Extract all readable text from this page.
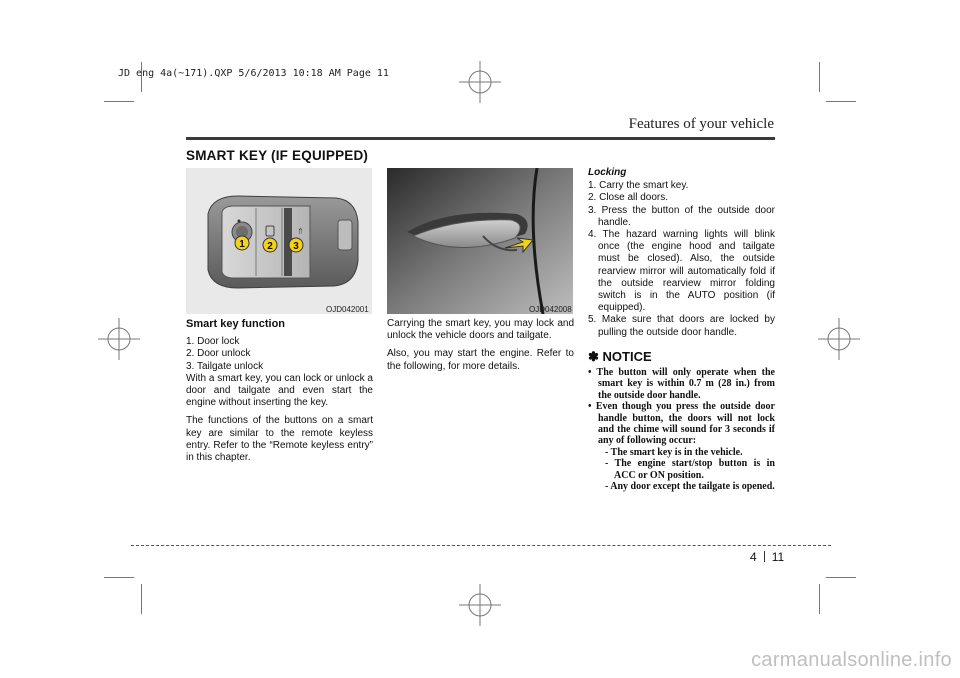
JD eng 4a(~171).QXP 5/6/2013 10:18 AM Page 11
Features of your vehicle
SMART KEY (IF EQUIPPED)
⇑
1 2 3
OJD042001	OJD042008
Smart key function
1. Door lock
2. Door unlock
3. Tailgate unlock

With a smart key, you can lock or unlock a door and tailgate and even start the engine without inserting the key.

The functions of the buttons on a smart key are similar to the remote keyless entry. Refer to the “Remote keyless entry” in this chapter.

Carrying the smart key, you may lock and unlock the vehicle doors and tailgate.

Also, you may start the engine. Refer to the following, for more details.

Locking

1. Carry the smart key.

2. Close all doors.

3. Press the button of the outside door handle.

4. The hazard warning lights will blink once (the engine hood and tailgate must be closed). Also, the outside rearview mirror will automatically fold if the outside rearview mirror folding switch is in the AUTO position (if equipped).

5. Make sure that doors are locked by pulling the outside door handle.

✽ NOTICE

• The button will only operate when the smart key is within 0.7 m (28 in.) from the outside door handle.

• Even though you press the outside door handle button, the doors will not lock and the chime will sound for 3 seconds if any of following occur:

- The smart key is in the vehicle.

- The engine start/stop button is in ACC or ON position.

- Any door except the tailgate is opened.

4 11
carmanualsonline.info
